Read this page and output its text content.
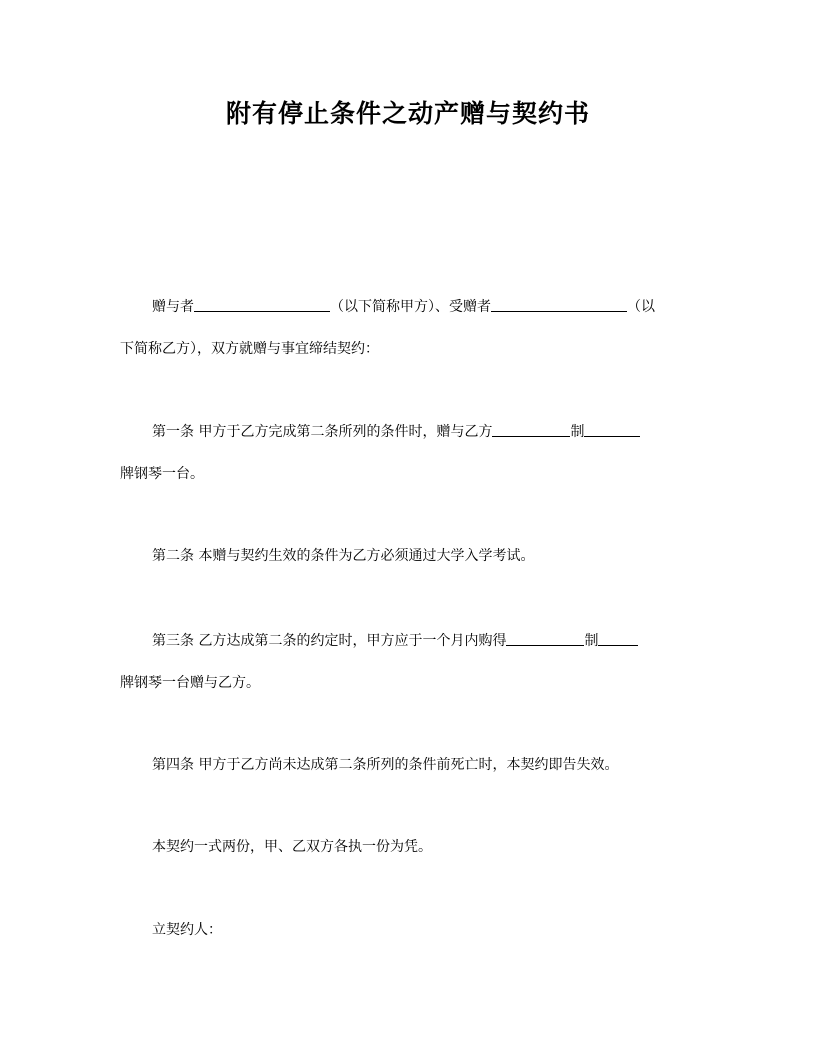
附有停止条件之动产赠与契约书
赠与者	（以下简称甲方）、受赠者	（以
下简称乙方），双方就赠与事宜缔结契约：
第一条 甲方于乙方完成第二条所列的条件时，赠与乙方	制
牌钢琴一台。
第二条 本赠与契约生效的条件为乙方必须通过大学入学考试。
第三条 乙方达成第二条的约定时，甲方应于一个月内购得	制
牌钢琴一台赠与乙方。
第四条 甲方于乙方尚未达成第二条所列的条件前死亡时，本契约即告失效。
本契约一式两份，甲、乙双方各执一份为凭。
立契约人：
